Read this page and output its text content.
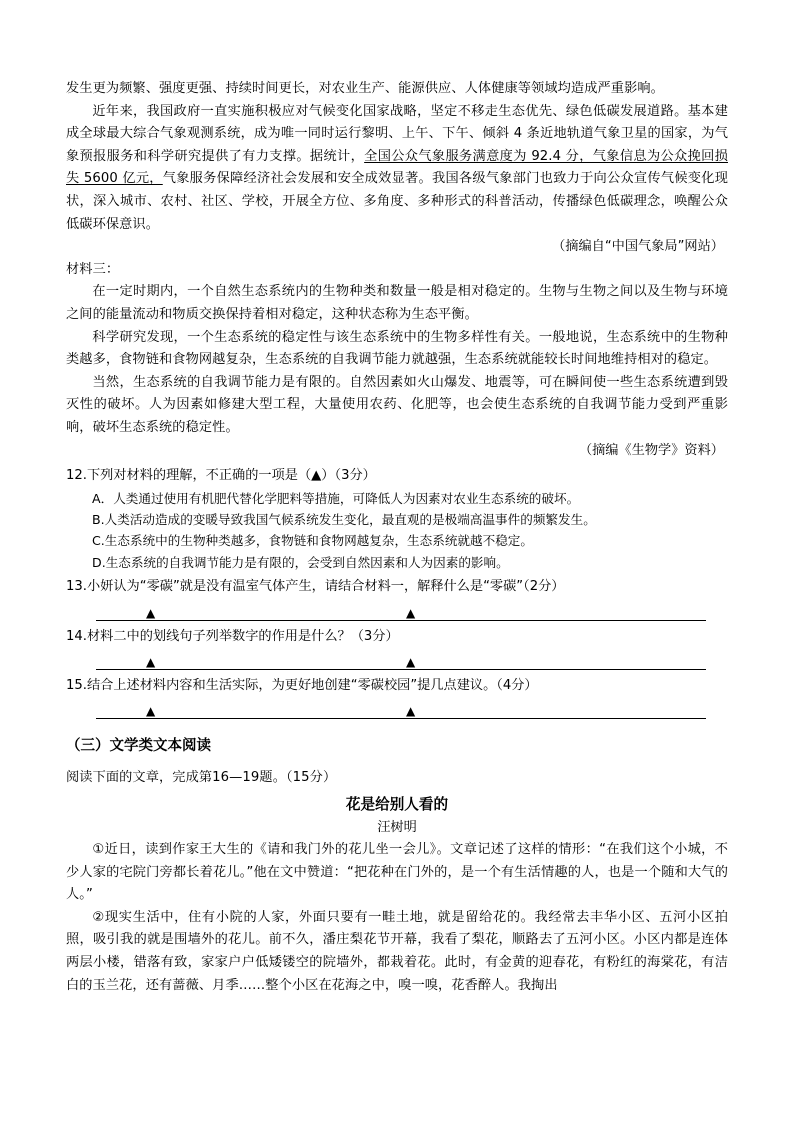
发生更为频繁、强度更强、持续时间更长，对农业生产、能源供应、人体健康等领域均造成严重影响。

近年来，我国政府一直实施积极应对气候变化国家战略，坚定不移走生态优先、绿色低碳发展道路。基本建成全球最大综合气象观测系统，成为唯一同时运行黎明、上午、下午、倾斜 4 条近地轨道气象卫星的国家，为气象预报服务和科学研究提供了有力支撑。据统计，全国公众气象服务满意度为 92.4 分，气象信息为公众挽回损失 5600 亿元，气象服务保障经济社会发展和安全成效显著。我国各级气象部门也致力于向公众宣传气候变化现状，深入城市、农村、社区、学校，开展全方位、多角度、多种形式的科普活动，传播绿色低碳理念，唤醒公众低碳环保意识。

（摘编自“中国气象局”网站）

材料三：

在一定时期内，一个自然生态系统内的生物种类和数量一般是相对稳定的。生物与生物之间以及生物与环境之间的能量流动和物质交换保持着相对稳定，这种状态称为生态平衡。

科学研究发现，一个生态系统的稳定性与该生态系统中的生物多样性有关。一般地说，生态系统中的生物种类越多，食物链和食物网越复杂，生态系统的自我调节能力就越强，生态系统就能较长时间地维持相对的稳定。

当然，生态系统的自我调节能力是有限的。自然因素如火山爆发、地震等，可在瞬间使一些生态系统遭到毁灭性的破坏。人为因素如修建大型工程，大量使用农药、化肥等，也会使生态系统的自我调节能力受到严重影响，破坏生态系统的稳定性。

（摘编《生物学》资料）

12.下列对材料的理解，不正确的一项是（▲）（3分）

A．人类通过使用有机肥代替化学肥料等措施，可降低人为因素对农业生态系统的破坏。

B.人类活动造成的变暖导致我国气候系统发生变化，最直观的是极端高温事件的频繁发生。

C.生态系统中的生物种类越多，食物链和食物网越复杂，生态系统就越不稳定。

D.生态系统的自我调节能力是有限的，会受到自然因素和人为因素的影响。

13.小妍认为“零碳”就是没有温室气体产生，请结合材料一，解释什么是“零碳”（2分）

▲	▲

14.材料二中的划线句子列举数字的作用是什么？（3分）

▲	▲

15.结合上述材料内容和生活实际，为更好地创建“零碳校园”提几点建议。（4分）

▲	▲

（三）文学类文本阅读

阅读下面的文章，完成第16—19题。（15分）

花是给别人看的

汪树明

①近日，读到作家王大生的《请和我门外的花儿坐一会儿》。文章记述了这样的情形：“在我们这个小城，不少人家的宅院门旁都长着花儿。”他在文中赞道：“把花种在门外的，是一个有生活情趣的人，也是一个随和大气的人。”

②现实生活中，住有小院的人家，外面只要有一畦土地，就是留给花的。我经常去丰华小区、五河小区拍照，吸引我的就是围墙外的花儿。前不久，潘庄梨花节开幕，我看了梨花，顺路去了五河小区。小区内都是连体两层小楼，错落有致，家家户户低矮镂空的院墙外，都栽着花。此时，有金黄的迎春花，有粉红的海棠花，有洁白的玉兰花，还有蔷薇、月季……整个小区在花海之中，嗅一嗅，花香醉人。我掏出
